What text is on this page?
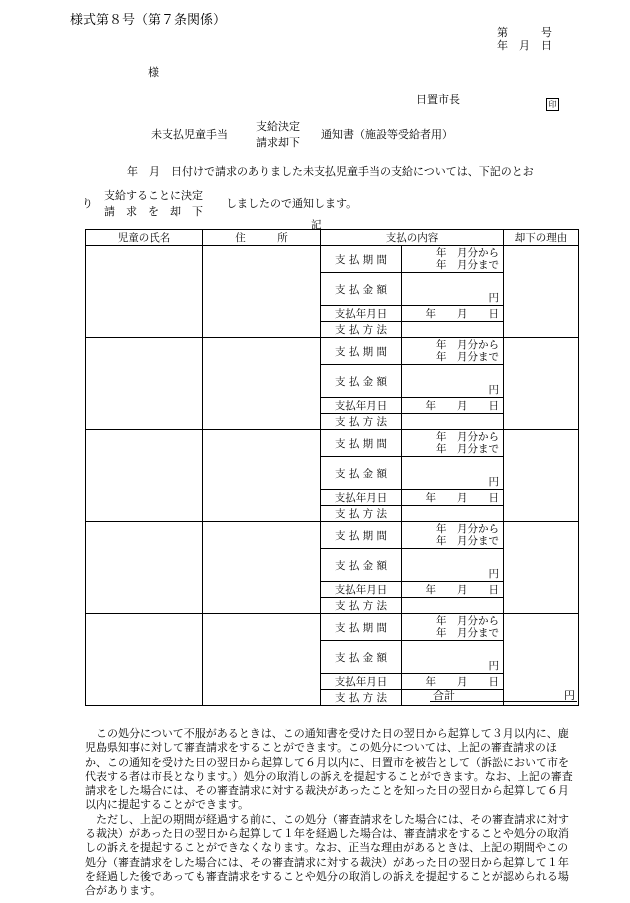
様式第８号（第７条関係）
第　　　号
年　月　日
様
日置市長	印
未支払児童手当
支給決定
請求却下
通知書（施設等受給者用）
年　月　日付けで請求のありました未支払児童手当の支給については、下記のとお
り
支給することに決定
請　求　を　却　下
しましたので通知します。
記
児童の氏名	住　　　所	支払の内容		却下の理由
		支 払 期 間	年　月分から
年　月分まで	

		支 払 金 額	円	
		支払年月日	年　　月　　日	
		支 払 方 法		
		支 払 期 間	年　月分から
年　月分まで	

		支 払 金 額	円	
		支払年月日	年　　月　　日	
		支 払 方 法		
		支 払 期 間	年　月分から
年　月分まで	

		支 払 金 額	円	
		支払年月日	年　　月　　日	
		支 払 方 法		
		支 払 期 間	年　月分から
年　月分まで	

		支 払 金 額	円	
		支払年月日	年　　月　　日	
		支 払 方 法		
		支 払 期 間	年　月分から
年　月分まで	

		支 払 金 額	円	
		支払年月日	年　　月　　日	
		支 払 方 法			合計	円

この処分について不服があるときは、この通知書を受けた日の翌日から起算して３月以内に、鹿児島県知事に対して審査請求をすることができます。この処分については、上記の審査請求のほか、この通知を受けた日の翌日から起算して６月以内に、日置市を被告として（訴訟において市を代表する者は市長となります。）処分の取消しの訴えを提起することができます。なお、上記の審査請求をした場合には、その審査請求に対する裁決があったことを知った日の翌日から起算して６月以内に提起することができます。

ただし、上記の期間が経過する前に、この処分（審査請求をした場合には、その審査請求に対する裁決）があった日の翌日から起算して１年を経過した場合は、審査請求をすることや処分の取消しの訴えを提起することができなくなります。なお、正当な理由があるときは、上記の期間やこの処分（審査請求をした場合には、その審査請求に対する裁決）があった日の翌日から起算して１年を経過した後であっても審査請求をすることや処分の取消しの訴えを提起することが認められる場合があります。
